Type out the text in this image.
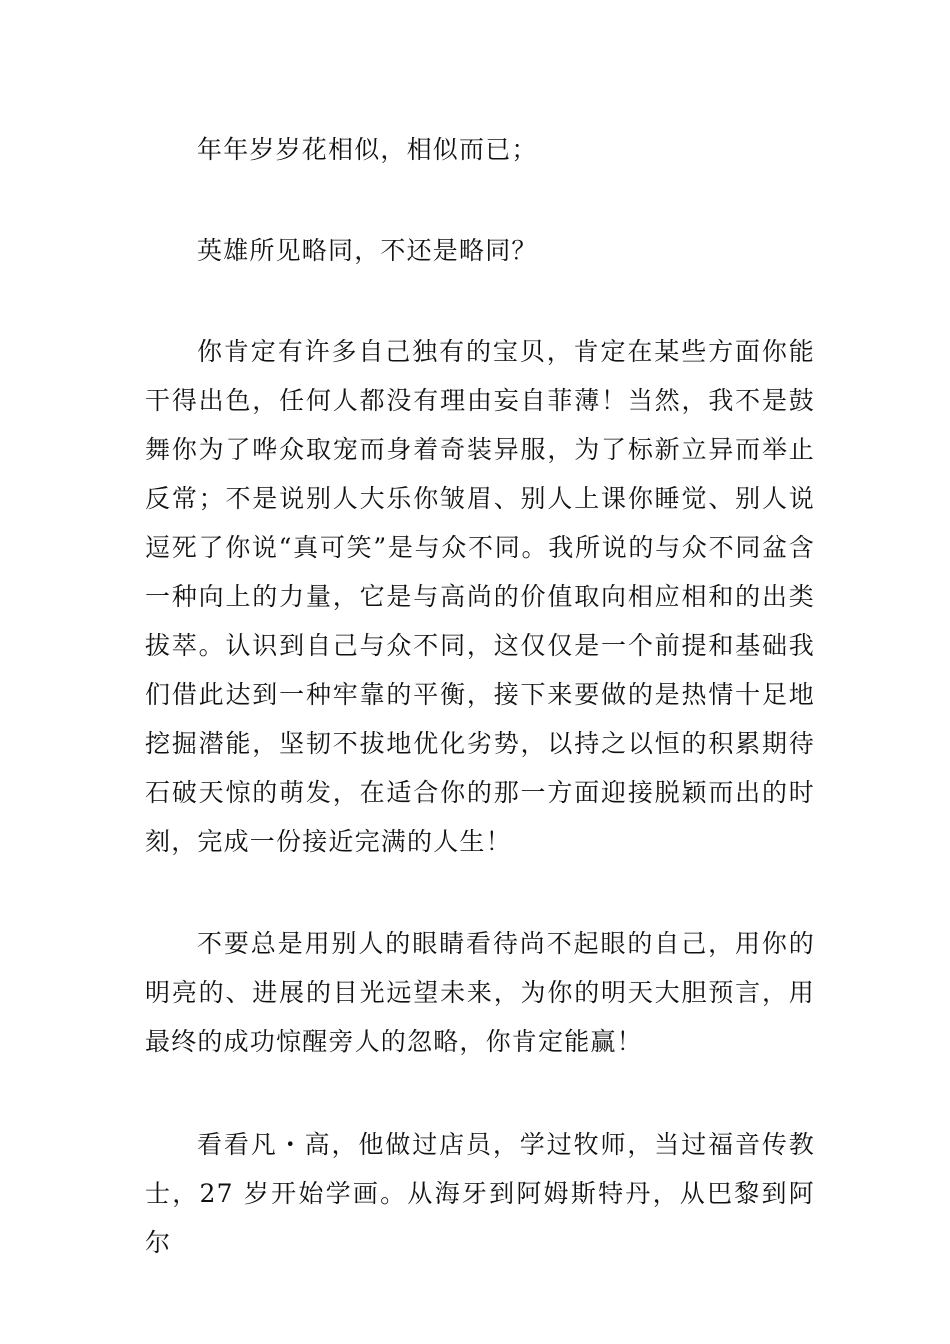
年年岁岁花相似，相似而已；

英雄所见略同，不还是略同？

你肯定有许多自己独有的宝贝，肯定在某些方面你能干得出色，任何人都没有理由妄自菲薄！当然，我不是鼓舞你为了哗众取宠而身着奇装异服，为了标新立异而举止反常；不是说别人大乐你皱眉、别人上课你睡觉、别人说逗死了你说“真可笑”是与众不同。我所说的与众不同盆含一种向上的力量，它是与高尚的价值取向相应相和的出类拔萃。认识到自己与众不同，这仅仅是一个前提和基础我们借此达到一种牢靠的平衡，接下来要做的是热情十足地挖掘潜能，坚韧不拔地优化劣势，以持之以恒的积累期待石破天惊的萌发，在适合你的那一方面迎接脱颖而出的时刻，完成一份接近完满的人生！

不要总是用别人的眼睛看待尚不起眼的自己，用你的明亮的、进展的目光远望未来，为你的明天大胆预言，用最终的成功惊醒旁人的忽略，你肯定能赢！

看看凡・高，他做过店员，学过牧师，当过福音传教士，27 岁开始学画。从海牙到阿姆斯特丹，从巴黎到阿尔
